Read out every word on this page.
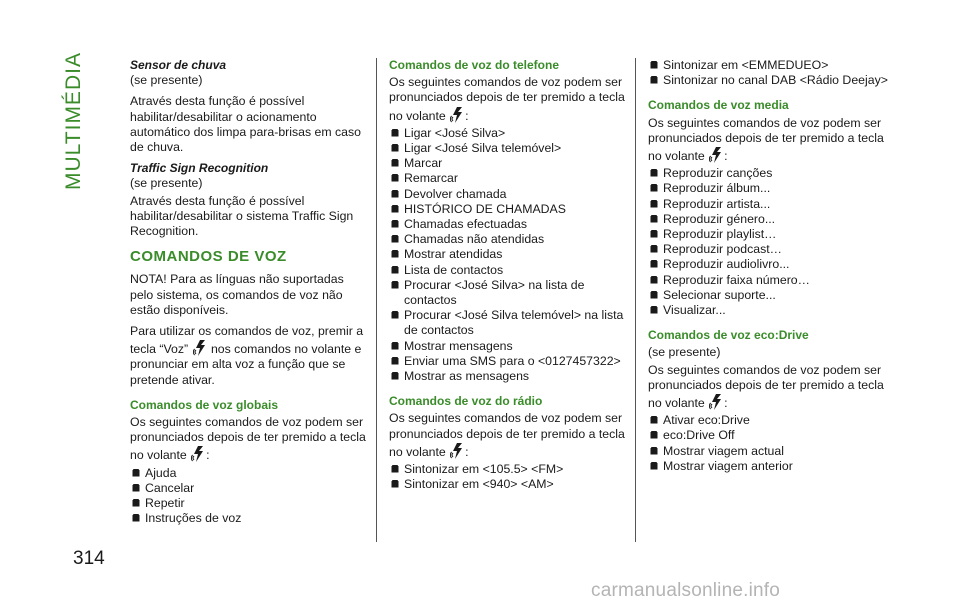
MULTIMÉDIA
314
Sensor de chuva

(se presente)

Através desta função é possível habilitar/desabilitar o acionamento automático dos limpa para-brisas em caso de chuva.

Traffic Sign Recognition

(se presente)

Através desta função é possível habilitar/desabilitar o sistema Traffic Sign Recognition.

COMANDOS DE VOZ

NOTA! Para as línguas não suportadas pelo sistema, os comandos de voz não estão disponíveis.

Para utilizar os comandos de voz, premir a tecla “Voz” nos comandos no volante e pronunciar em alta voz a função que se pretende ativar.

Comandos de voz globais

Os seguintes comandos de voz podem ser pronunciados depois de ter premido a tecla no volante :

Ajuda
Cancelar
Repetir
Instruções de voz
Comandos de voz do telefone

Os seguintes comandos de voz podem ser pronunciados depois de ter premido a tecla no volante :

Ligar <José Silva>
Ligar <José Silva telemóvel>
Marcar
Remarcar
Devolver chamada
HISTÓRICO DE CHAMADAS
Chamadas efectuadas
Chamadas não atendidas
Mostrar atendidas
Lista de contactos
Procurar <José Silva> na lista de contactos
Procurar <José Silva telemóvel> na lista de contactos
Mostrar mensagens
Enviar uma SMS para o <0127457322>
Mostrar as mensagens
Comandos de voz do rádio

Os seguintes comandos de voz podem ser pronunciados depois de ter premido a tecla no volante :

Sintonizar em <105.5> <FM>
Sintonizar em <940> <AM>
Sintonizar em <EMMEDUEO>
Sintonizar no canal DAB <Rádio Deejay>
Comandos de voz media

Os seguintes comandos de voz podem ser pronunciados depois de ter premido a tecla no volante :

Reproduzir canções
Reproduzir álbum...
Reproduzir artista...
Reproduzir género...
Reproduzir playlist…
Reproduzir podcast…
Reproduzir audiolivro...
Reproduzir faixa número…
Selecionar suporte...
Visualizar...
Comandos de voz eco:Drive

(se presente)

Os seguintes comandos de voz podem ser pronunciados depois de ter premido a tecla no volante :

Ativar eco:Drive
eco:Drive Off
Mostrar viagem actual
Mostrar viagem anterior
carmanualsonline.info
